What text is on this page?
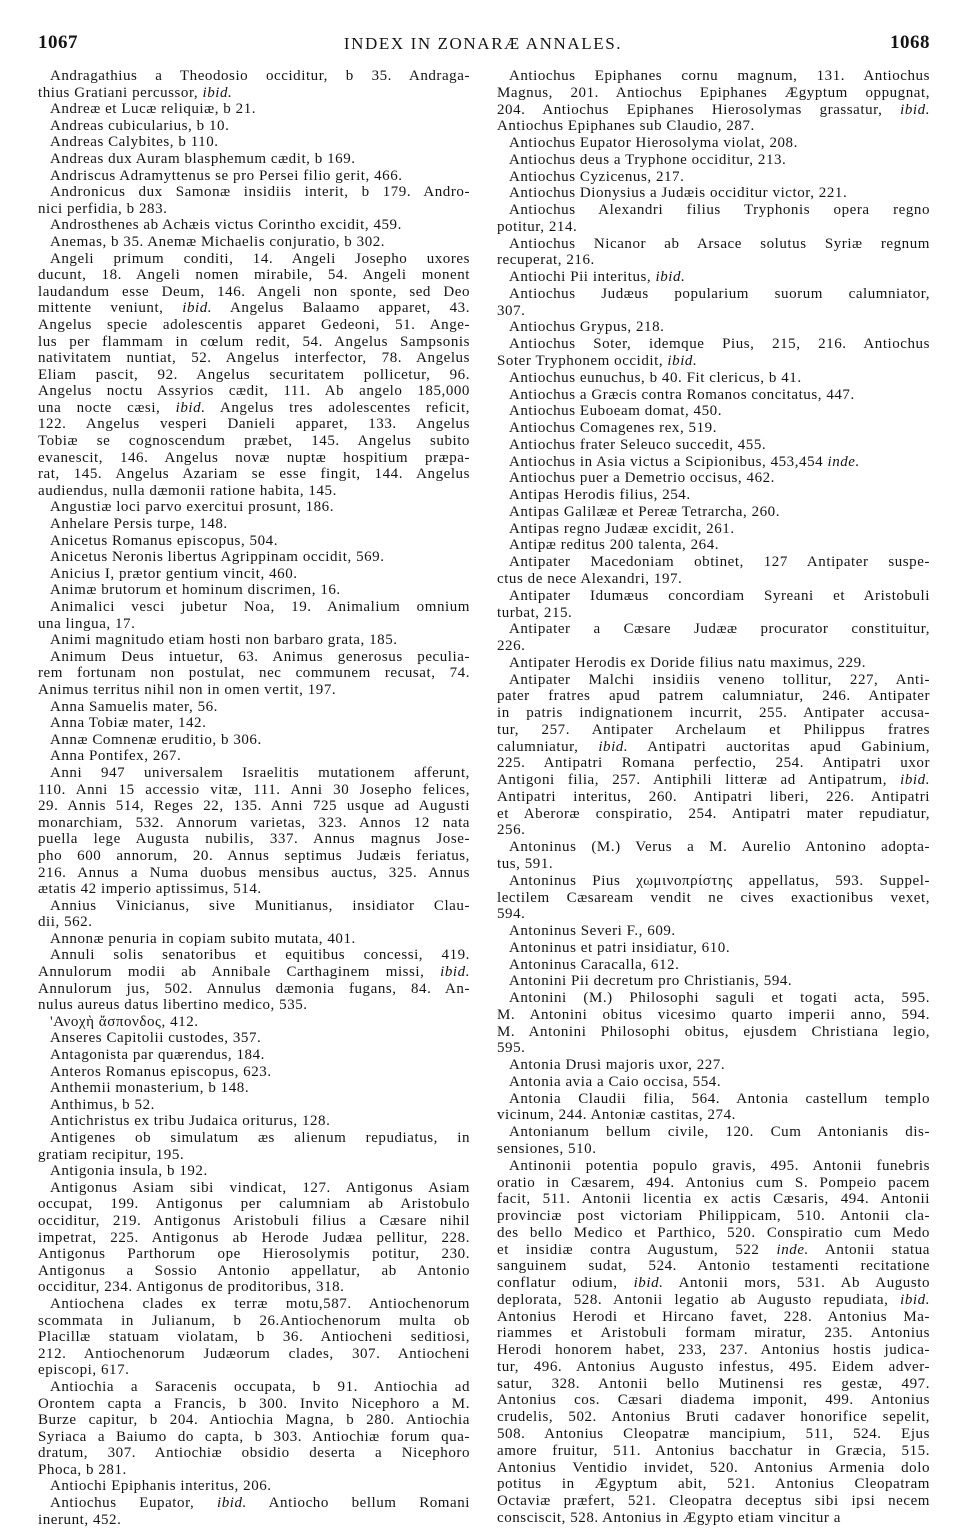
1067	INDEX IN ZONARÆ ANNALES.	1068
Andragathius a Theodosio occiditur, b 35. Andraga-
thius Gratiani percussor, ibid.
Andreæ et Lucæ reliquiæ, b 21.
Andreas cubicularius, b 10.
Andreas Calybites, b 110.
Andreas dux Auram blasphemum cædit, b 169.
Andriscus Adramyttenus se pro Persei filio gerit, 466.
Andronicus dux Samonæ insidiis interit, b 179. Andro-
nici perfidia, b 283.
Androsthenes ab Achæis victus Corintho excidit, 459.
Anemas, b 35. Anemæ Michaelis conjuratio, b 302.
Angeli primum conditi, 14. Angeli Josepho uxores
ducunt, 18. Angeli nomen mirabile, 54. Angeli monent
laudandum esse Deum, 146. Angeli non sponte, sed Deo
mittente veniunt, ibid. Angelus Balaamo apparet, 43.
Angelus specie adolescentis apparet Gedeoni, 51. Ange-
lus per flammam in cœlum redit, 54. Angelus Sampsonis
nativitatem nuntiat, 52. Angelus interfector, 78. Angelus
Eliam pascit, 92. Angelus securitatem pollicetur, 96.
Angelus noctu Assyrios cædit, 111. Ab angelo 185,000
una nocte cæsi, ibid. Angelus tres adolescentes reficit,
122. Angelus vesperi Danieli apparet, 133. Angelus
Tobiæ se cognoscendum præbet, 145. Angelus subito
evanescit, 146. Angelus novæ nuptæ hospitium præpa-
rat, 145. Angelus Azariam se esse fingit, 144. Angelus
audiendus, nulla dæmonii ratione habita, 145.
Angustiæ loci parvo exercitui prosunt, 186.
Anhelare Persis turpe, 148.
Anicetus Romanus episcopus, 504.
Anicetus Neronis libertus Agrippinam occidit, 569.
Anicius I, prætor gentium vincit, 460.
Animæ brutorum et hominum discrimen, 16.
Animalici vesci jubetur Noa, 19. Animalium omnium
una lingua, 17.
Animi magnitudo etiam hosti non barbaro grata, 185.
Animum Deus intuetur, 63. Animus generosus peculia-
rem fortunam non postulat, nec communem recusat, 74.
Animus territus nihil non in omen vertit, 197.
Anna Samuelis mater, 56.
Anna Tobiæ mater, 142.
Annæ Comnenæ eruditio, b 306.
Anna Pontifex, 267.
Anni 947 universalem Israelitis mutationem afferunt,
110. Anni 15 accessio vitæ, 111. Anni 30 Josepho felices,
29. Annis 514, Reges 22, 135. Anni 725 usque ad Augusti
monarchiam, 532. Annorum varietas, 323. Annos 12 nata
puella lege Augusta nubilis, 337. Annus magnus Jose-
pho 600 annorum, 20. Annus septimus Judæis feriatus,
216. Annus a Numa duobus mensibus auctus, 325. Annus
ætatis 42 imperio aptissimus, 514.
Annius Vinicianus, sive Munitianus, insidiator Clau-
dii, 562.
Annonæ penuria in copiam subito mutata, 401.
Annuli solis senatoribus et equitibus concessi, 419.
Annulorum modii ab Annibale Carthaginem missi, ibid.
Annulorum jus, 502. Annulus dæmonia fugans, 84. An-
nulus aureus datus libertino medico, 535.
'Ανοχὴ ἄσπονδος, 412.
Anseres Capitolii custodes, 357.
Antagonista par quærendus, 184.
Anteros Romanus episcopus, 623.
Anthemii monasterium, b 148.
Anthimus, b 52.
Antichristus ex tribu Judaica oriturus, 128.
Antigenes ob simulatum æs alienum repudiatus, in
gratiam recipitur, 195.
Antigonia insula, b 192.
Antigonus Asiam sibi vindicat, 127. Antigonus Asiam
occupat, 199. Antigonus per calumniam ab Aristobulo
occiditur, 219. Antigonus Aristobuli filius a Cæsare nihil
impetrat, 225. Antigonus ab Herode Judæa pellitur, 228.
Antigonus Parthorum ope Hierosolymis potitur, 230.
Antigonus a Sossio Antonio appellatur, ab Antonio
occiditur, 234. Antigonus de proditoribus, 318.
Antiochena clades ex terræ motu,587. Antiochenorum
scommata in Julianum, b 26.Antiochenorum multa ob
Placillæ statuam violatam, b 36. Antiocheni seditiosi,
212. Antiochenorum Judæorum clades, 307. Antiocheni
episcopi, 617.
Antiochia a Saracenis occupata, b 91. Antiochia ad
Orontem capta a Francis, b 300. Invito Nicephoro a M.
Burze capitur, b 204. Antiochia Magna, b 280. Antiochia
Syriaca a Baiumo do capta, b 303. Antiochiæ forum qua-
dratum, 307. Antiochiæ obsidio deserta a Nicephoro
Phoca, b 281.
Antiochi Epiphanis interitus, 206.
Antiochus Eupator, ibid. Antiocho bellum Romani
inerunt, 452.
Antiochus Epiphanes cornu magnum, 131. Antiochus
Magnus, 201. Antiochus Epiphanes Ægyptum oppugnat,
204. Antiochus Epiphanes Hierosolymas grassatur, ibid.
Antiochus Epiphanes sub Claudio, 287.
Antiochus Eupator Hierosolyma violat, 208.
Antiochus deus a Tryphone occiditur, 213.
Antiochus Cyzicenus, 217.
Antiochus Dionysius a Judæis occiditur victor, 221.
Antiochus Alexandri filius Tryphonis opera regno
potitur, 214.
Antiochus Nicanor ab Arsace solutus Syriæ regnum
recuperat, 216.
Antiochi Pii interitus, ibid.
Antiochus Judæus popularium suorum calumniator,
307.
Antiochus Grypus, 218.
Antiochus Soter, idemque Pius, 215, 216. Antiochus
Soter Tryphonem occidit, ibid.
Antiochus eunuchus, b 40. Fit clericus, b 41.
Antiochus a Græcis contra Romanos concitatus, 447.
Antiochus Euboeam domat, 450.
Antiochus Comagenes rex, 519.
Antiochus frater Seleuco succedit, 455.
Antiochus in Asia victus a Scipionibus, 453,454 inde.
Antiochus puer a Demetrio occisus, 462.
Antipas Herodis filius, 254.
Antipas Galilææ et Pereæ Tetrarcha, 260.
Antipas regno Judææ excidit, 261.
Antipæ reditus 200 talenta, 264.
Antipater Macedoniam obtinet, 127 Antipater suspe-
ctus de nece Alexandri, 197.
Antipater Idumæus concordiam Syreani et Aristobuli
turbat, 215.
Antipater a Cæsare Judææ procurator constituitur,
226.
Antipater Herodis ex Doride filius natu maximus, 229.
Antipater Malchi insidiis veneno tollitur, 227, Anti-
pater fratres apud patrem calumniatur, 246. Antipater
in patris indignationem incurrit, 255. Antipater accusa-
tur, 257. Antipater Archelaum et Philippus fratres
calumniatur, ibid. Antipatri auctoritas apud Gabinium,
225. Antipatri Romana perfectio, 254. Antipatri uxor
Antigoni filia, 257. Antiphili litteræ ad Antipatrum, ibid.
Antipatri interitus, 260. Antipatri liberi, 226. Antipatri
et Aberoræ conspiratio, 254. Antipatri mater repudiatur,
256.
Antoninus (M.) Verus a M. Aurelio Antonino adopta-
tus, 591.
Antoninus Pius χωμινοπρίστης appellatus, 593. Suppel-
lectilem Cæsaream vendit ne cives exactionibus vexet,
594.
Antoninus Severi F., 609.
Antoninus et patri insidiatur, 610.
Antoninus Caracalla, 612.
Antonini Pii decretum pro Christianis, 594.
Antonini (M.) Philosophi saguli et togati acta, 595.
M. Antonini obitus vicesimo quarto imperii anno, 594.
M. Antonini Philosophi obitus, ejusdem Christiana legio,
595.
Antonia Drusi majoris uxor, 227.
Antonia avia a Caio occisa, 554.
Antonia Claudii filia, 564. Antonia castellum templo
vicinum, 244. Antoniæ castitas, 274.
Antonianum bellum civile, 120. Cum Antonianis dis-
sensiones, 510.
Antinonii potentia populo gravis, 495. Antonii funebris
oratio in Cæsarem, 494. Antonius cum S. Pompeio pacem
facit, 511. Antonii licentia ex actis Cæsaris, 494. Antonii
provinciæ post victoriam Philippicam, 510. Antonii cla-
des bello Medico et Parthico, 520. Conspiratio cum Medo
et insidiæ contra Augustum, 522 inde. Antonii statua
sanguinem sudat, 524. Antonio testamenti recitatione
conflatur odium, ibid. Antonii mors, 531. Ab Augusto
deplorata, 528. Antonii legatio ab Augusto repudiata, ibid.
Antonius Herodi et Hircano favet, 228. Antonius Ma-
riammes et Aristobuli formam miratur, 235. Antonius
Herodi honorem habet, 233, 237. Antonius hostis judica-
tur, 496. Antonius Augusto infestus, 495. Eidem adver-
satur, 328. Antonii bello Mutinensi res gestæ, 497.
Antonius cos. Cæsari diadema imponit, 499. Antonius
crudelis, 502. Antonius Bruti cadaver honorifice sepelit,
508. Antonius Cleopatræ mancipium, 511, 524. Ejus
amore fruitur, 511. Antonius bacchatur in Græcia, 515.
Antonius Ventidio invidet, 520. Antonius Armenia dolo
potitus in Ægyptum abit, 521. Antonius Cleopatram
Octaviæ præfert, 521. Cleopatra deceptus sibi ipsi necem
consciscit, 528. Antonius in Ægypto etiam vincitur a
